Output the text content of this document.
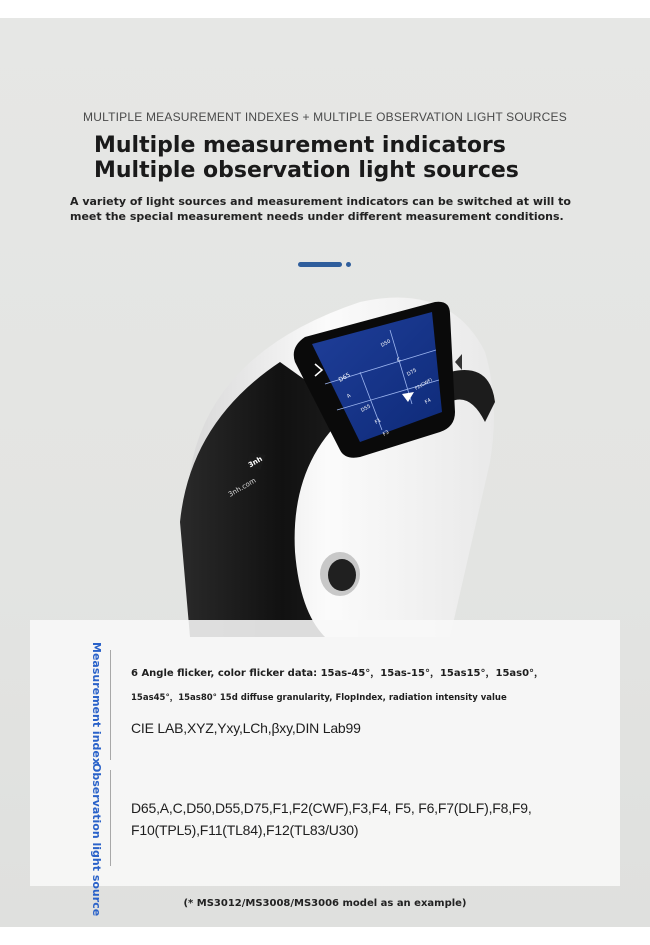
MULTIPLE MEASUREMENT INDEXES + MULTIPLE OBSERVATION LIGHT SOURCES
Multiple measurement indicators Multiple observation light sources
A variety of light sources and measurement indicators can be switched at will to meet the special measurement needs under different measurement conditions.
D65
A
D55
F1
F3
D50
C
D75
F2(CWF)
F4
3nh
3nh.com
Measurement index	6 Angle flicker, color flicker data: 15as-45°，15as-15°，15as15°，15as0°，
15as45°，15as80° 15d diffuse granularity, FlopIndex, radiation intensity value
CIE LAB,XYZ,Yxy,LCh,βxy,DIN Lab99
Observation light source D65,A,C,D50,D55,D75,F1,F2(CWF),F3,F4, F5, F6,F7(DLF),F8,F9, F10(TPL5),F11(TL84),F12(TL83/U30)
(* MS3012/MS3008/MS3006 model as an example)
